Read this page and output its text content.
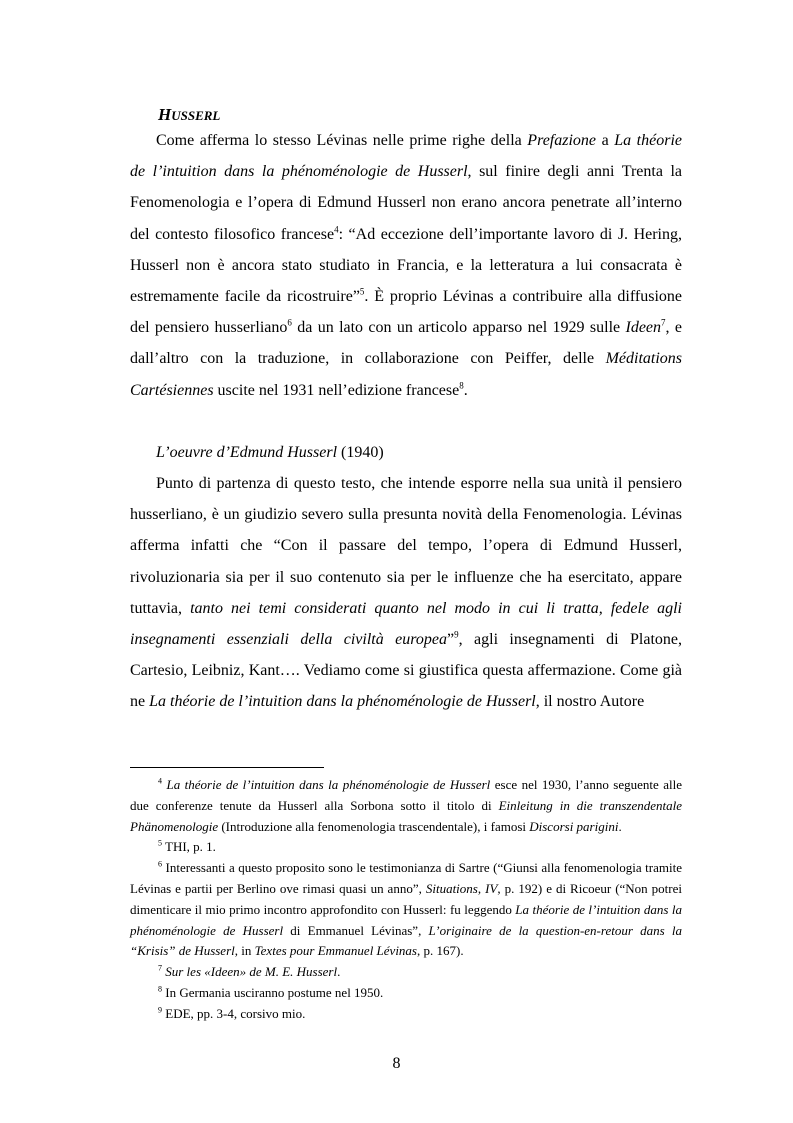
HUSSERL

Come afferma lo stesso Lévinas nelle prime righe della Prefazione a La théorie de l’intuition dans la phénoménologie de Husserl, sul finire degli anni Trenta la Fenomenologia e l’opera di Edmund Husserl non erano ancora penetrate all’interno del contesto filosofico francese$^4$: “Ad eccezione dell’importante lavoro di J. Hering, Husserl non è ancora stato studiato in Francia, e la letteratura a lui consacrata è estremamente facile da ricostruire”$^5$. È proprio Lévinas a contribuire alla diffusione del pensiero husserliano$^6$ da un lato con un articolo apparso nel 1929 sulle Ideen$^7$, e dall’altro con la traduzione, in collaborazione con Peiffer, delle Méditations Cartésiennes uscite nel 1931 nell’edizione francese$^8$.

L’oeuvre d’Edmund Husserl (1940)

Punto di partenza di questo testo, che intende esporre nella sua unità il pensiero husserliano, è un giudizio severo sulla presunta novità della Fenomenologia. Lévinas afferma infatti che “Con il passare del tempo, l’opera di Edmund Husserl, rivoluzionaria sia per il suo contenuto sia per le influenze che ha esercitato, appare tuttavia, tanto nei temi considerati quanto nel modo in cui li tratta, fedele agli insegnamenti essenziali della civiltà europea”$^9$, agli insegnamenti di Platone, Cartesio, Leibniz, Kant…. Vediamo come si giustifica questa affermazione. Come già ne La théorie de l’intuition dans la phénoménologie de Husserl, il nostro Autore

$^4$ La théorie de l’intuition dans la phénoménologie de Husserl esce nel 1930, l’anno seguente alle due conferenze tenute da Husserl alla Sorbona sotto il titolo di Einleitung in die transzendentale Phänomenologie (Introduzione alla fenomenologia trascendentale), i famosi Discorsi parigini.

$^5$ THI, p. 1.

$^6$ Interessanti a questo proposito sono le testimonianza di Sartre (“Giunsi alla fenomenologia tramite Lévinas e partii per Berlino ove rimasi quasi un anno”, Situations, IV, p. 192) e di Ricoeur (“Non potrei dimenticare il mio primo incontro approfondito con Husserl: fu leggendo La théorie de l’intuition dans la phénoménologie de Husserl di Emmanuel Lévinas”, L’originaire de la question-en-retour dans la “Krisis” de Husserl, in Textes pour Emmanuel Lévinas, p. 167).

$^7$ Sur les «Ideen» de M. E. Husserl.

$^8$ In Germania usciranno postume nel 1950.

$^9$ EDE, pp. 3-4, corsivo mio.

8
